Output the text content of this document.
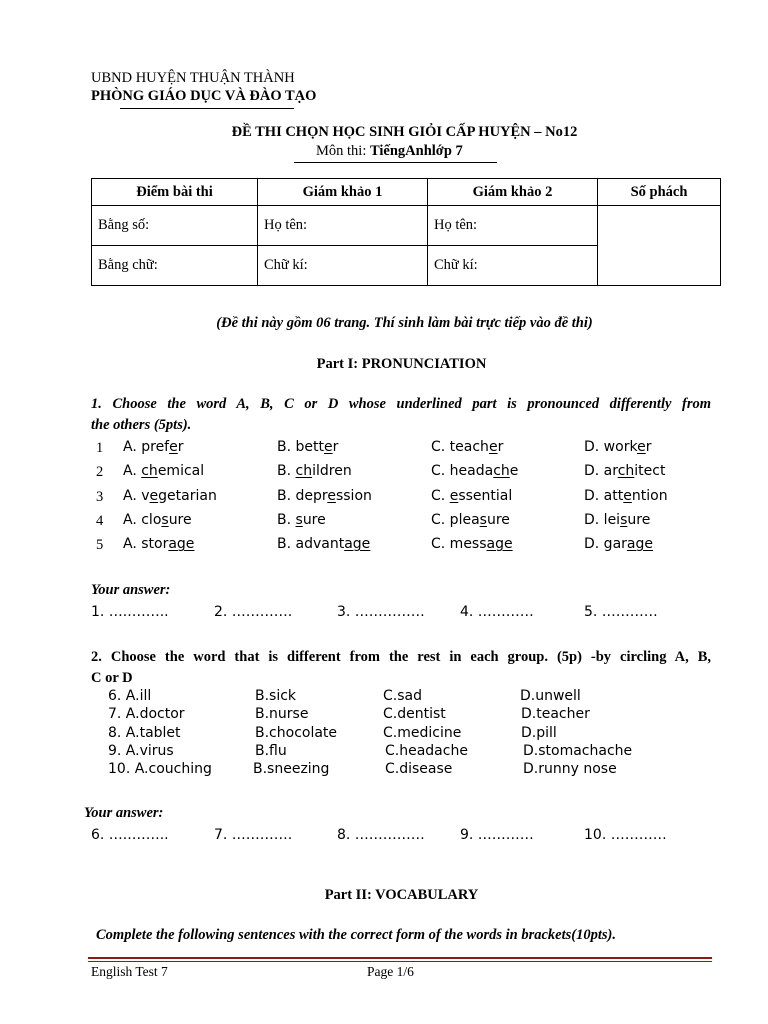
UBND HUYỆN THUẬN THÀNH
PHÒNG GIÁO DỤC VÀ ĐÀO TẠO
ĐỀ THI CHỌN HỌC SINH GIỎI CẤP HUYỆN – No12
Môn thi: TiếngAnhlớp 7
Điểm bài thi	Giám khảo 1	Giám khảo 2	Số phách
Bằng số:	Họ tên:	Họ tên:	
Bằng chữ:	Chữ kí:	Chữ kí:	
(Đề thi này gồm 06 trang. Thí sinh làm bài trực tiếp vào đề thi)
Part I: PRONUNCIATION
1. Choose the word A, B, C or D whose underlined part is pronounced differently from
the others (5pts).
1 A. prefer	B. better	C. teacher	D. worker
2 A. chemical	B. children	C. headache	D. architect
3 A. vegetarian	B. depression	C. essential	D. attention
4 A. closure	B. sure	C. pleasure	D. leisure
5 A. storage	B. advantage	C. message	D. garage
Your answer:
1. …..……..	2. ………….	3. ……………	4. …………	5. …………
2. Choose the word that is different from the rest in each group. (5p) -by circling A, B,
C or D
6. A.ill	B.sick	C.sad	D.unwell
7. A.doctor	B.nurse	C.dentist	D.teacher
8. A.tablet	B.chocolate	C.medicine	D.pill
9. A.virus	B.flu	C.headache	D.stomachache
10. A.couching	B.sneezing	C.disease	D.runny nose
Your answer:
6. …..……..	7. ………….	8. ……………	9. …………	10. …………
Part II: VOCABULARY
Complete the following sentences with the correct form of the words in brackets(10pts).
English Test 7	Page 1/6
